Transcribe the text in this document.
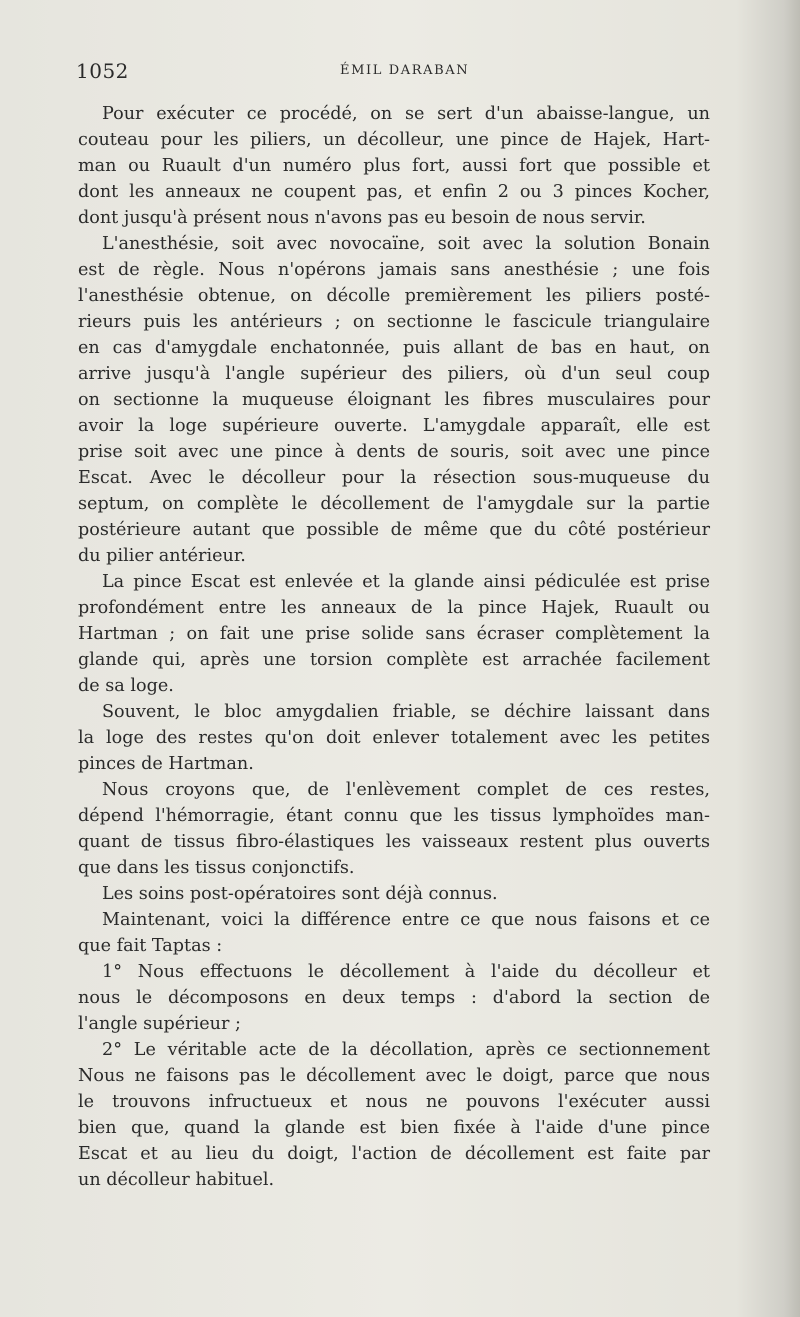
1052	ÉMIL DARABAN
Pour exécuter ce procédé, on se sert d'un abaisse-langue, un
couteau pour les piliers, un décolleur, une pince de Hajek, Hart-
man ou Ruault d'un numéro plus fort, aussi fort que possible et
dont les anneaux ne coupent pas, et enfin 2 ou 3 pinces Kocher,
dont jusqu'à présent nous n'avons pas eu besoin de nous servir.
L'anesthésie, soit avec novocaïne, soit avec la solution Bonain
est de règle. Nous n'opérons jamais sans anesthésie ; une fois
l'anesthésie obtenue, on décolle premièrement les piliers posté-
rieurs puis les antérieurs ; on sectionne le fascicule triangulaire
en cas d'amygdale enchatonnée, puis allant de bas en haut, on
arrive jusqu'à l'angle supérieur des piliers, où d'un seul coup
on sectionne la muqueuse éloignant les fibres musculaires pour
avoir la loge supérieure ouverte. L'amygdale apparaît, elle est
prise soit avec une pince à dents de souris, soit avec une pince
Escat. Avec le décolleur pour la résection sous-muqueuse du
septum, on complète le décollement de l'amygdale sur la partie
postérieure autant que possible de même que du côté postérieur
du pilier antérieur.
La pince Escat est enlevée et la glande ainsi pédiculée est prise
profondément entre les anneaux de la pince Hajek, Ruault ou
Hartman ; on fait une prise solide sans écraser complètement la
glande qui, après une torsion complète est arrachée facilement
de sa loge.
Souvent, le bloc amygdalien friable, se déchire laissant dans
la loge des restes qu'on doit enlever totalement avec les petites
pinces de Hartman.
Nous croyons que, de l'enlèvement complet de ces restes,
dépend l'hémorragie, étant connu que les tissus lymphoïdes man-
quant de tissus fibro-élastiques les vaisseaux restent plus ouverts
que dans les tissus conjonctifs.
Les soins post-opératoires sont déjà connus.
Maintenant, voici la différence entre ce que nous faisons et ce
que fait Taptas :
1° Nous effectuons le décollement à l'aide du décolleur et
nous le décomposons en deux temps : d'abord la section de
l'angle supérieur ;
2° Le véritable acte de la décollation, après ce sectionnement
Nous ne faisons pas le décollement avec le doigt, parce que nous
le trouvons infructueux et nous ne pouvons l'exécuter aussi
bien que, quand la glande est bien fixée à l'aide d'une pince
Escat et au lieu du doigt, l'action de décollement est faite par
un décolleur habituel.
